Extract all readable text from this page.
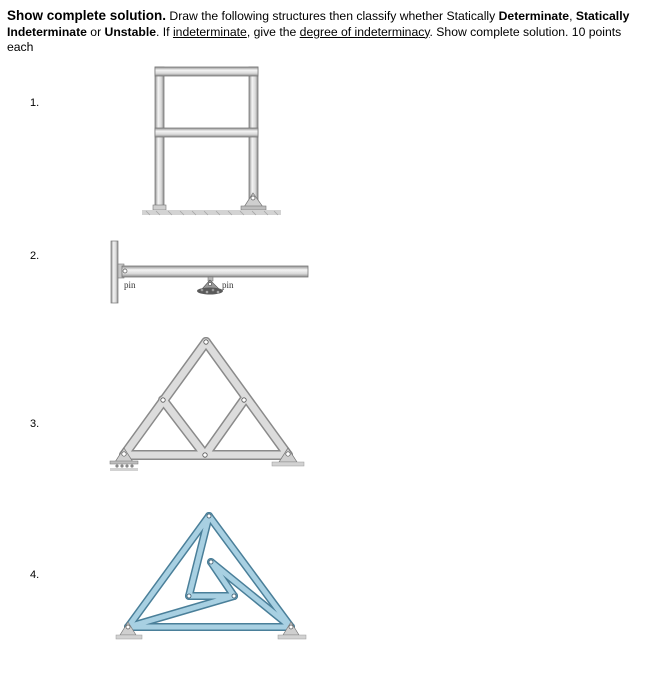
Show complete solution. Draw the following structures then classify whether Statically Determinate, Statically Indeterminate or Unstable. If indeterminate, give the degree of indeterminacy. Show complete solution. 10 points each
1.
2.
3.
4.
pin	pin
